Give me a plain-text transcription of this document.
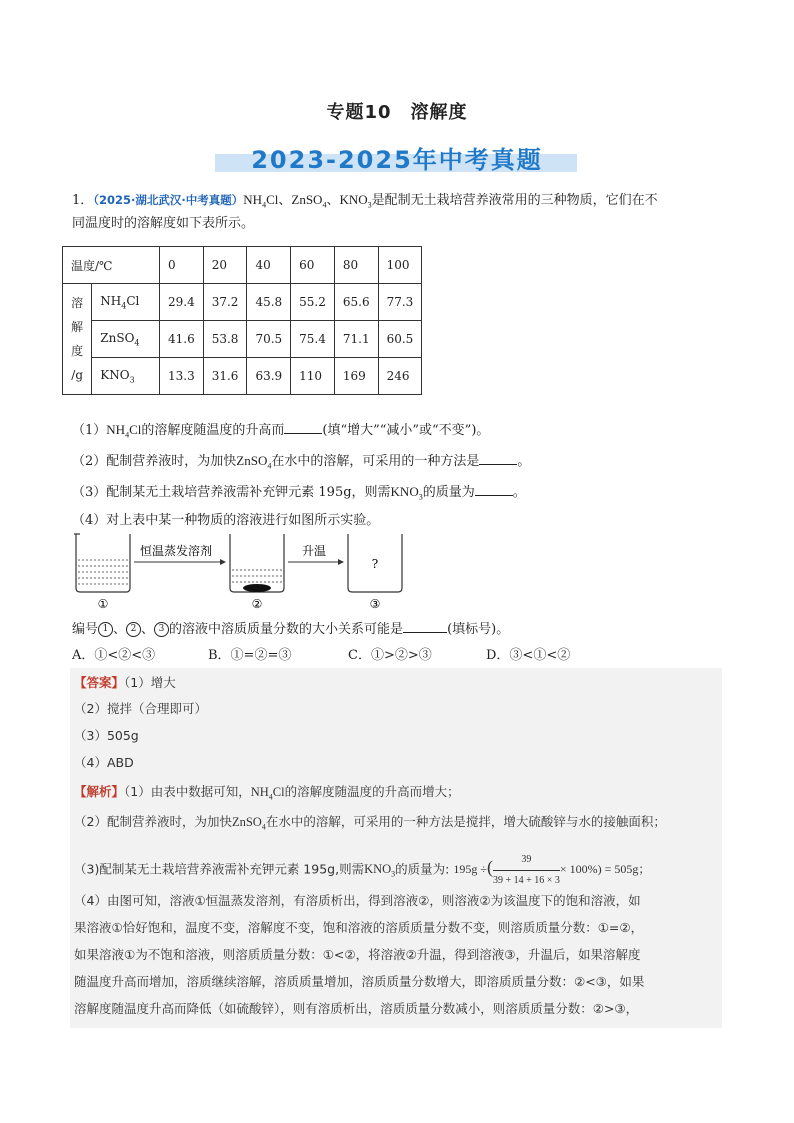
专题10　溶解度
2023-2025年中考真题
1．（2025·湖北武汉·中考真题）$NH_4Cl$、ZnSO$_4$、$KNO_3$是配制无土栽培营养液常用的三种物质，它们在不
同温度时的溶解度如下表所示。
温度/℃		0	20	40	60	80	100
溶
解
度
/g	$NH_4Cl$	29.4	37.2	45.8	55.2	65.6	77.3
	ZnSO$_4$	41.6	53.8	70.5	75.4	71.1	60.5
	$KNO_3$	13.3	31.6	63.9	110	169	246
$(1)NH_4Cl$的溶解度随温度的升高而	(填“增大”“减小”或“不变”)。
（2）配制营养液时，为加快ZnSO$_4$在水中的溶解，可采用的一种方法是	。
（3）配制某无土栽培营养液需补充钾元素 195g，则需$KNO_3$的质量为	。
（4）对上表中某一种物质的溶液进行如图所示实验。
①
恒温蒸发溶剂
②
升温
?
③
编号 1 、 2 、 3 的溶液中溶质质量分数的大小关系可能是	(填标号)。
A．①<②<③	B．①=②=③	C．①>②>③	D．③<①<②
【答案】（1）增大
（2）搅拌（合理即可）
（3）505g
（4）ABD
【解析】（1）由表中数据可知，$NH_4Cl$的溶解度随温度的升高而增大；
（2）配制营养液时，为加快ZnSO$_4$在水中的溶解，可采用的一种方法是搅拌，增大硫酸锌与水的接触面积；
（3)配制某无土栽培营养液需补充钾元素 195g,则需$KNO_3$的质量为: 195g ÷( $\frac{39}{39 + 14 + 16 \times 3} \times 100\%) = 505g$；
（4）由图可知，溶液①恒温蒸发溶剂，有溶质析出，得到溶液②，则溶液②为该温度下的饱和溶液，如
果溶液①恰好饱和，温度不变，溶解度不变，饱和溶液的溶质质量分数不变，则溶质质量分数：①=②，
如果溶液①为不饱和溶液，则溶质质量分数：①<②，将溶液②升温，得到溶液③，升温后，如果溶解度
随温度升高而增加，溶质继续溶解，溶质质量增加，溶质质量分数增大，即溶质质量分数：②<③，如果
溶解度随温度升高而降低（如硫酸锌），则有溶质析出，溶质质量分数减小，则溶质质量分数：②>③，
